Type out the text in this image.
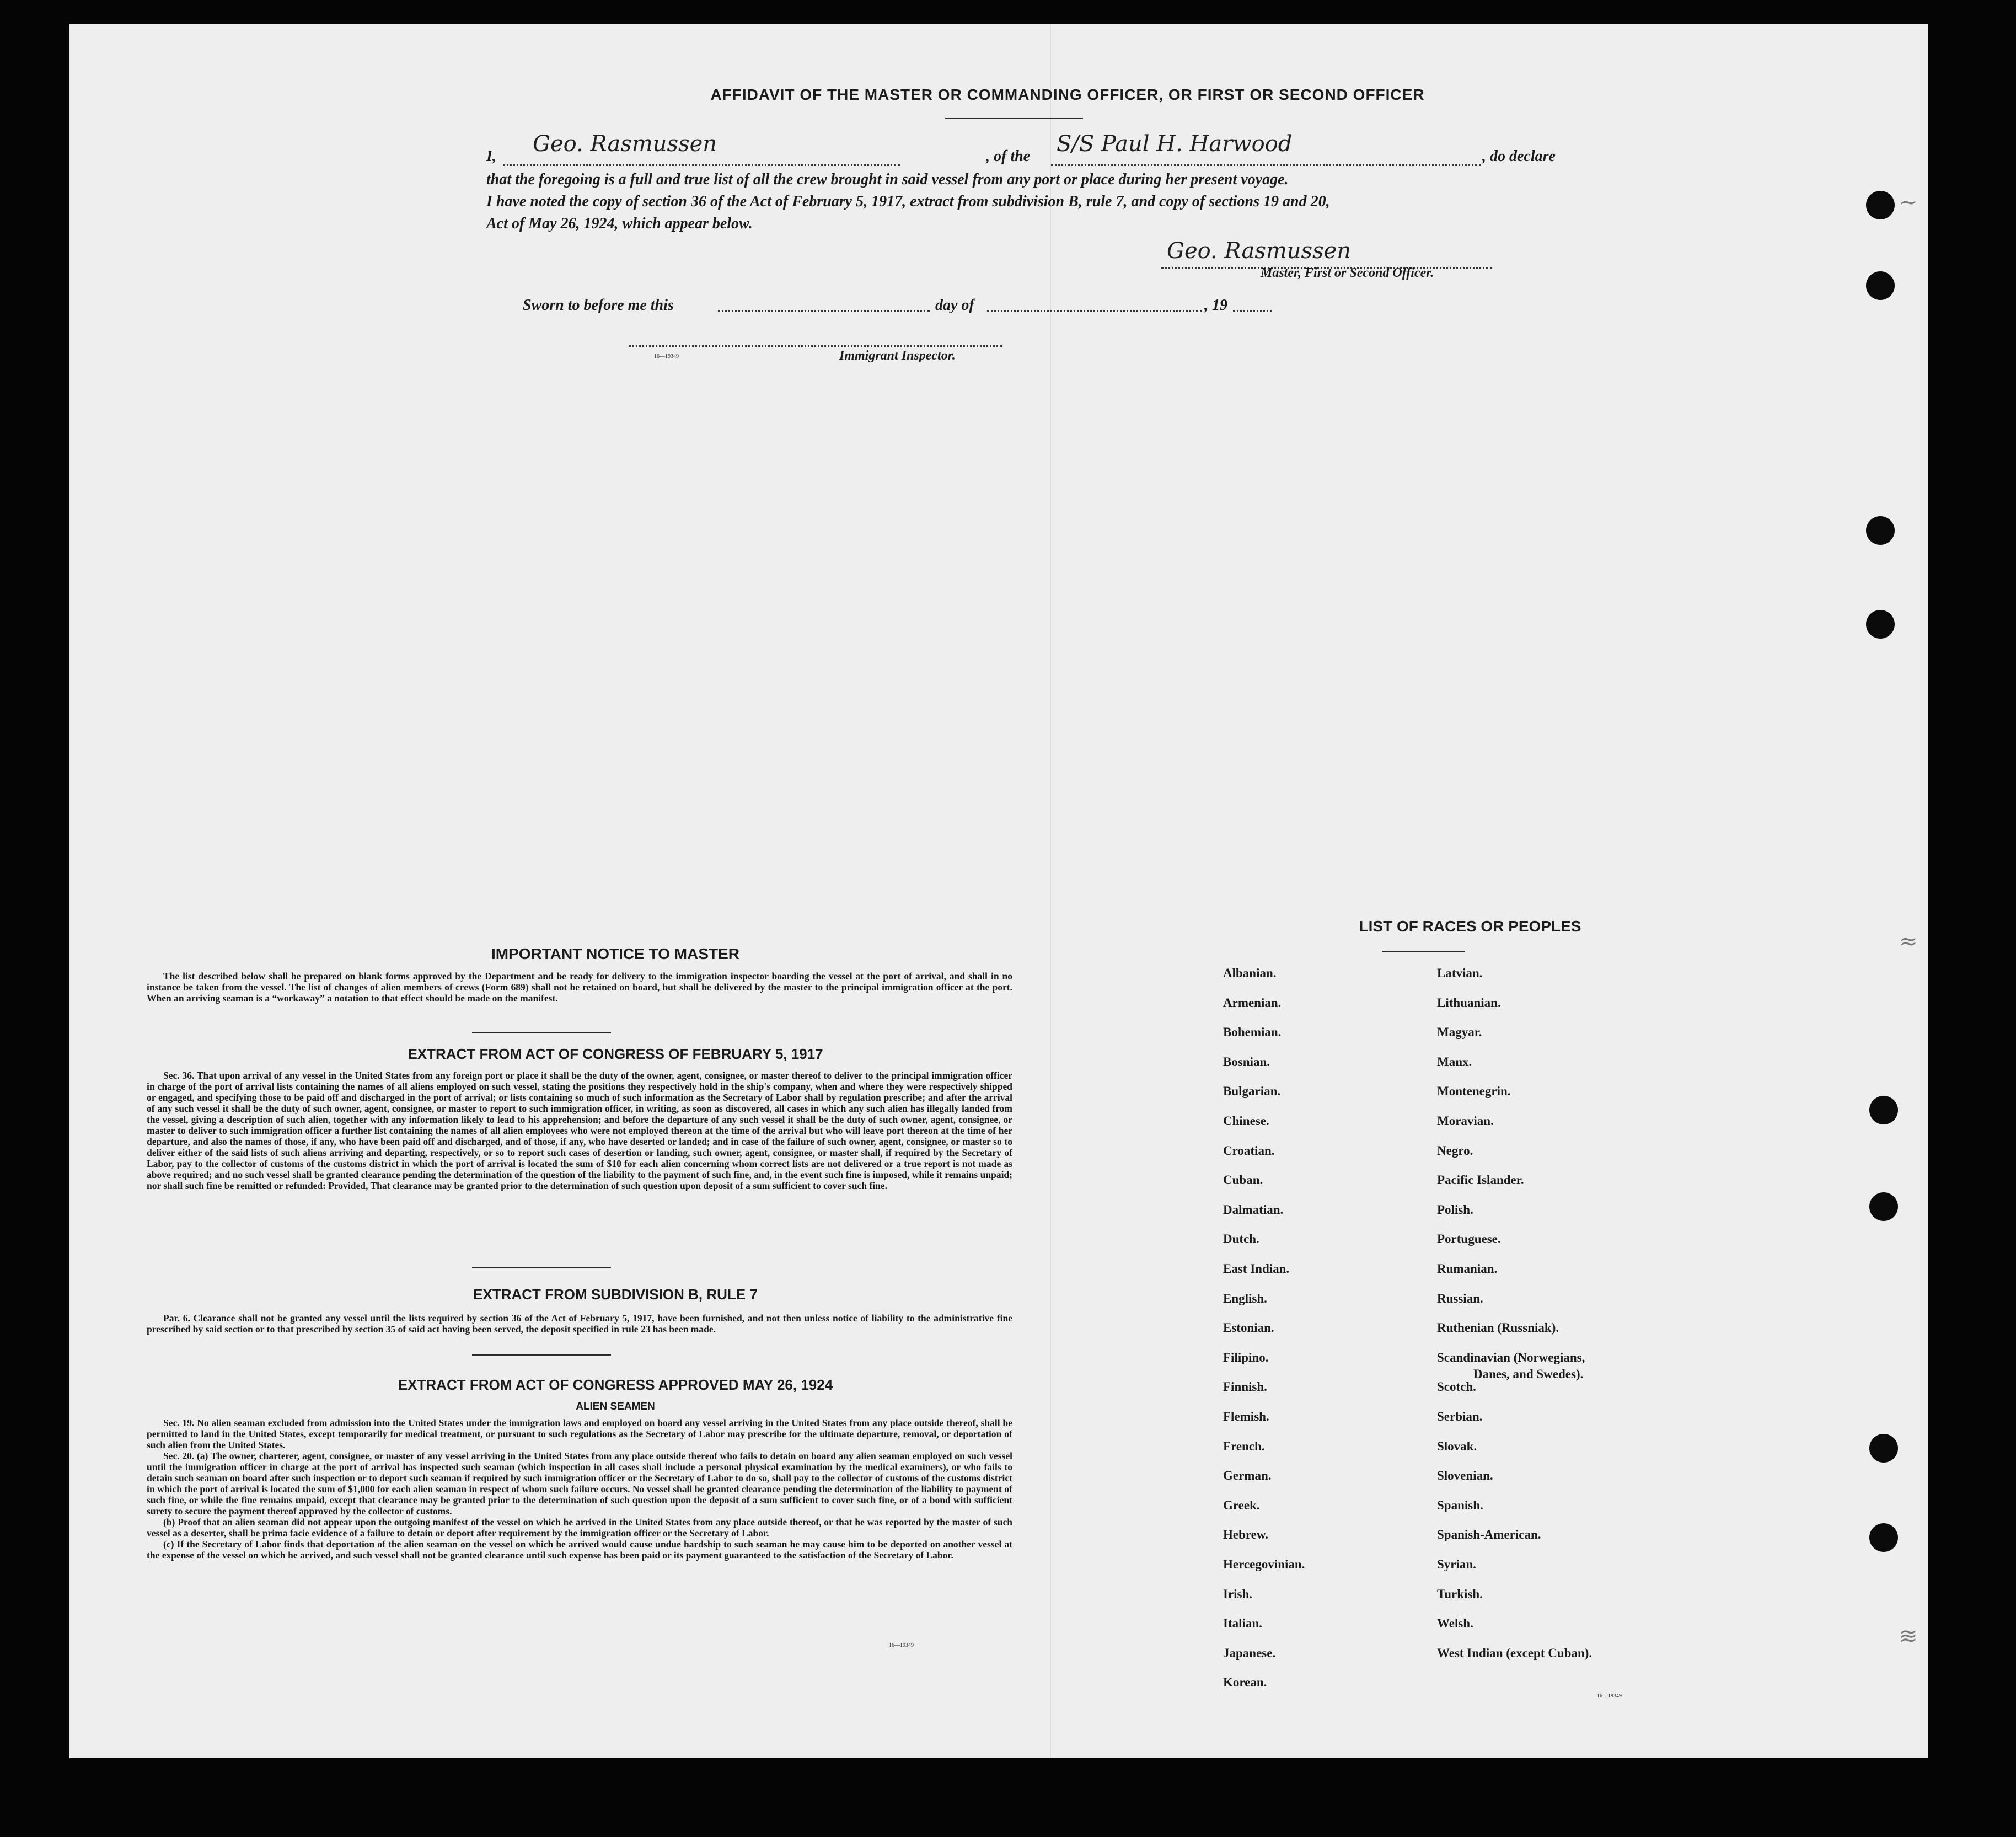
~
≈
≋
AFFIDAVIT OF THE MASTER OR COMMANDING OFFICER, OR FIRST OR SECOND OFFICER
I, Geo. Rasmussen	, of the S/S Paul H. Harwood	, do declare
that the foregoing is a full and true list of all the crew brought in said vessel from any port or place during her present voyage.
I have noted the copy of section 36 of the Act of February 5, 1917, extract from subdivision B, rule 7, and copy of sections 19 and 20,
Act of May 26, 1924, which appear below.
Geo. Rasmussen
Master, First or Second Officer.
Sworn to before me this	day of	, 19
16—19349	Immigrant Inspector.
IMPORTANT NOTICE TO MASTER

The list described below shall be prepared on blank forms approved by the Department and be ready for delivery to the immigration inspector boarding the vessel at the port of arrival, and shall in no instance be taken from the vessel. The list of changes of alien members of crews (Form 689) shall not be retained on board, but shall be delivered by the master to the principal immigration officer at the port. When an arriving seaman is a “workaway” a notation to that effect should be made on the manifest.

EXTRACT FROM ACT OF CONGRESS OF FEBRUARY 5, 1917

Sec. 36. That upon arrival of any vessel in the United States from any foreign port or place it shall be the duty of the owner, agent, consignee, or master thereof to deliver to the principal immigration officer in charge of the port of arrival lists containing the names of all aliens employed on such vessel, stating the positions they respectively hold in the ship's company, when and where they were respectively shipped or engaged, and specifying those to be paid off and discharged in the port of arrival; or lists containing so much of such information as the Secretary of Labor shall by regulation prescribe; and after the arrival of any such vessel it shall be the duty of such owner, agent, consignee, or master to report to such immigration officer, in writing, as soon as discovered, all cases in which any such alien has illegally landed from the vessel, giving a description of such alien, together with any information likely to lead to his apprehension; and before the departure of any such vessel it shall be the duty of such owner, agent, consignee, or master to deliver to such immigration officer a further list containing the names of all alien employees who were not employed thereon at the time of the arrival but who will leave port thereon at the time of her departure, and also the names of those, if any, who have been paid off and discharged, and of those, if any, who have deserted or landed; and in case of the failure of such owner, agent, consignee, or master so to deliver either of the said lists of such aliens arriving and departing, respectively, or so to report such cases of desertion or landing, such owner, agent, consignee, or master shall, if required by the Secretary of Labor, pay to the collector of customs of the customs district in which the port of arrival is located the sum of $10 for each alien concerning whom correct lists are not delivered or a true report is not made as above required; and no such vessel shall be granted clearance pending the determination of the question of the liability to the payment of such fine, and, in the event such fine is imposed, while it remains unpaid; nor shall such fine be remitted or refunded: Provided, That clearance may be granted prior to the determination of such question upon deposit of a sum sufficient to cover such fine.

EXTRACT FROM SUBDIVISION B, RULE 7

Par. 6. Clearance shall not be granted any vessel until the lists required by section 36 of the Act of February 5, 1917, have been furnished, and not then unless notice of liability to the administrative fine prescribed by said section or to that prescribed by section 35 of said act having been served, the deposit specified in rule 23 has been made.

EXTRACT FROM ACT OF CONGRESS APPROVED MAY 26, 1924
ALIEN SEAMEN

Sec. 19. No alien seaman excluded from admission into the United States under the immigration laws and employed on board any vessel arriving in the United States from any place outside thereof, shall be permitted to land in the United States, except temporarily for medical treatment, or pursuant to such regulations as the Secretary of Labor may prescribe for the ultimate departure, removal, or deportation of such alien from the United States.

Sec. 20. (a) The owner, charterer, agent, consignee, or master of any vessel arriving in the United States from any place outside thereof who fails to detain on board any alien seaman employed on such vessel until the immigration officer in charge at the port of arrival has inspected such seaman (which inspection in all cases shall include a personal physical examination by the medical examiners), or who fails to detain such seaman on board after such inspection or to deport such seaman if required by such immigration officer or the Secretary of Labor to do so, shall pay to the collector of customs of the customs district in which the port of arrival is located the sum of $1,000 for each alien seaman in respect of whom such failure occurs. No vessel shall be granted clearance pending the determination of the liability to payment of such fine, or while the fine remains unpaid, except that clearance may be granted prior to the determination of such question upon the deposit of a sum sufficient to cover such fine, or of a bond with sufficient surety to secure the payment thereof approved by the collector of customs.

(b) Proof that an alien seaman did not appear upon the outgoing manifest of the vessel on which he arrived in the United States from any place outside thereof, or that he was reported by the master of such vessel as a deserter, shall be prima facie evidence of a failure to detain or deport after requirement by the immigration officer or the Secretary of Labor.

(c) If the Secretary of Labor finds that deportation of the alien seaman on the vessel on which he arrived would cause undue hardship to such seaman he may cause him to be deported on another vessel at the expense of the vessel on which he arrived, and such vessel shall not be granted clearance until such expense has been paid or its payment guaranteed to the satisfaction of the Secretary of Labor.

16—19349
LIST OF RACES OR PEOPLES
Albanian.
Armenian.
Bohemian.
Bosnian.
Bulgarian.
Chinese.
Croatian.
Cuban.
Dalmatian.
Dutch.
East Indian.
English.
Estonian.
Filipino.
Finnish.
Flemish.
French.
German.
Greek.
Hebrew.
Hercegovinian.
Irish.
Italian.
Japanese.
Korean.
Latvian.
Lithuanian.
Magyar.
Manx.
Montenegrin.
Moravian.
Negro.
Pacific Islander.
Polish.
Portuguese.
Rumanian.
Russian.
Ruthenian (Russniak).
Scandinavian (Norwegians,
Danes, and Swedes).
Scotch.
Serbian.
Slovak.
Slovenian.
Spanish.
Spanish-American.
Syrian.
Turkish.
Welsh.
West Indian (except Cuban).
16—19349
